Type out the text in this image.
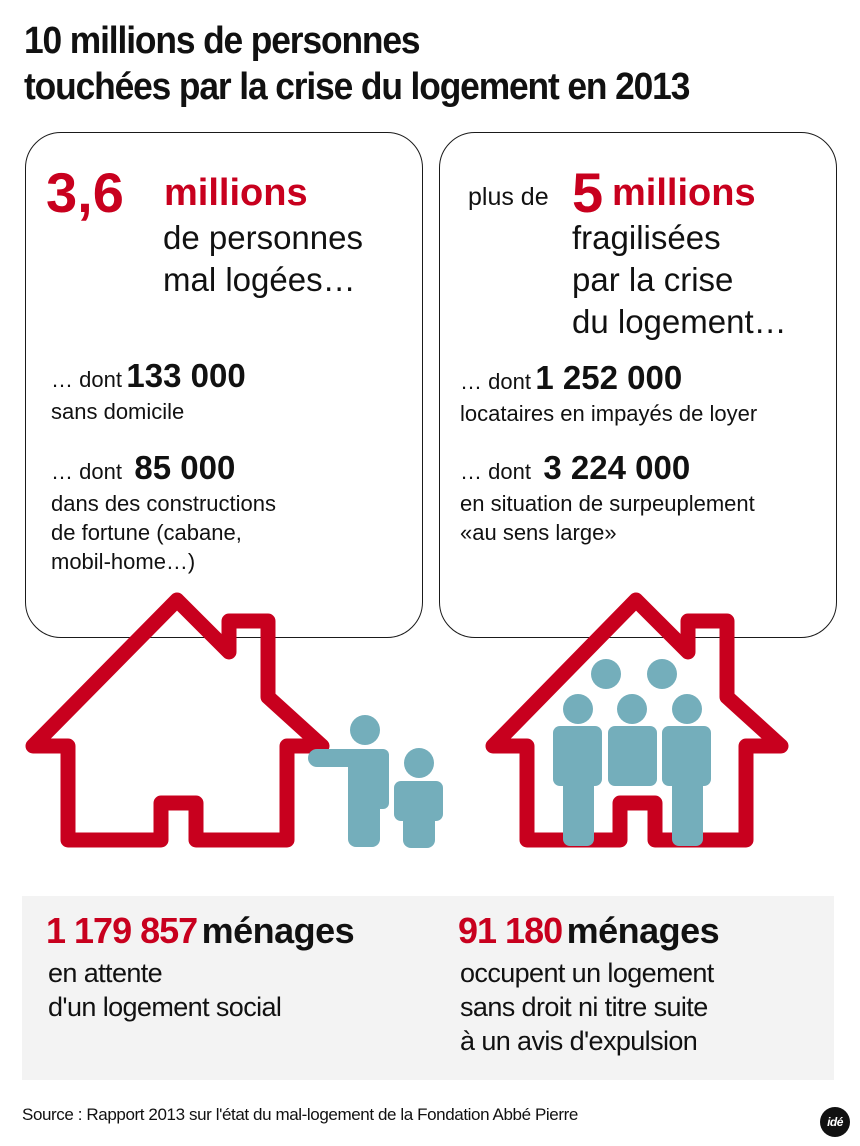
10 millions de personnes
touchées par la crise du logement en 2013
3,6 millions
de personnes
mal logées…
… dont 133 000
sans domicile
… dont 85 000
dans des constructions
de fortune (cabane,
mobil-home…)
plus de 5 millions
fragilisées
par la crise
du logement…
… dont 1 252 000
locataires en impayés de loyer
… dont 3 224 000
en situation de surpeuplement
«au sens large»
1 179 857 ménages
en attente
d'un logement social
91 180 ménages
occupent un logement
sans droit ni titre suite
à un avis d'expulsion
Source : Rapport 2013 sur l'état du mal-logement de la Fondation Abbé Pierre	id é
